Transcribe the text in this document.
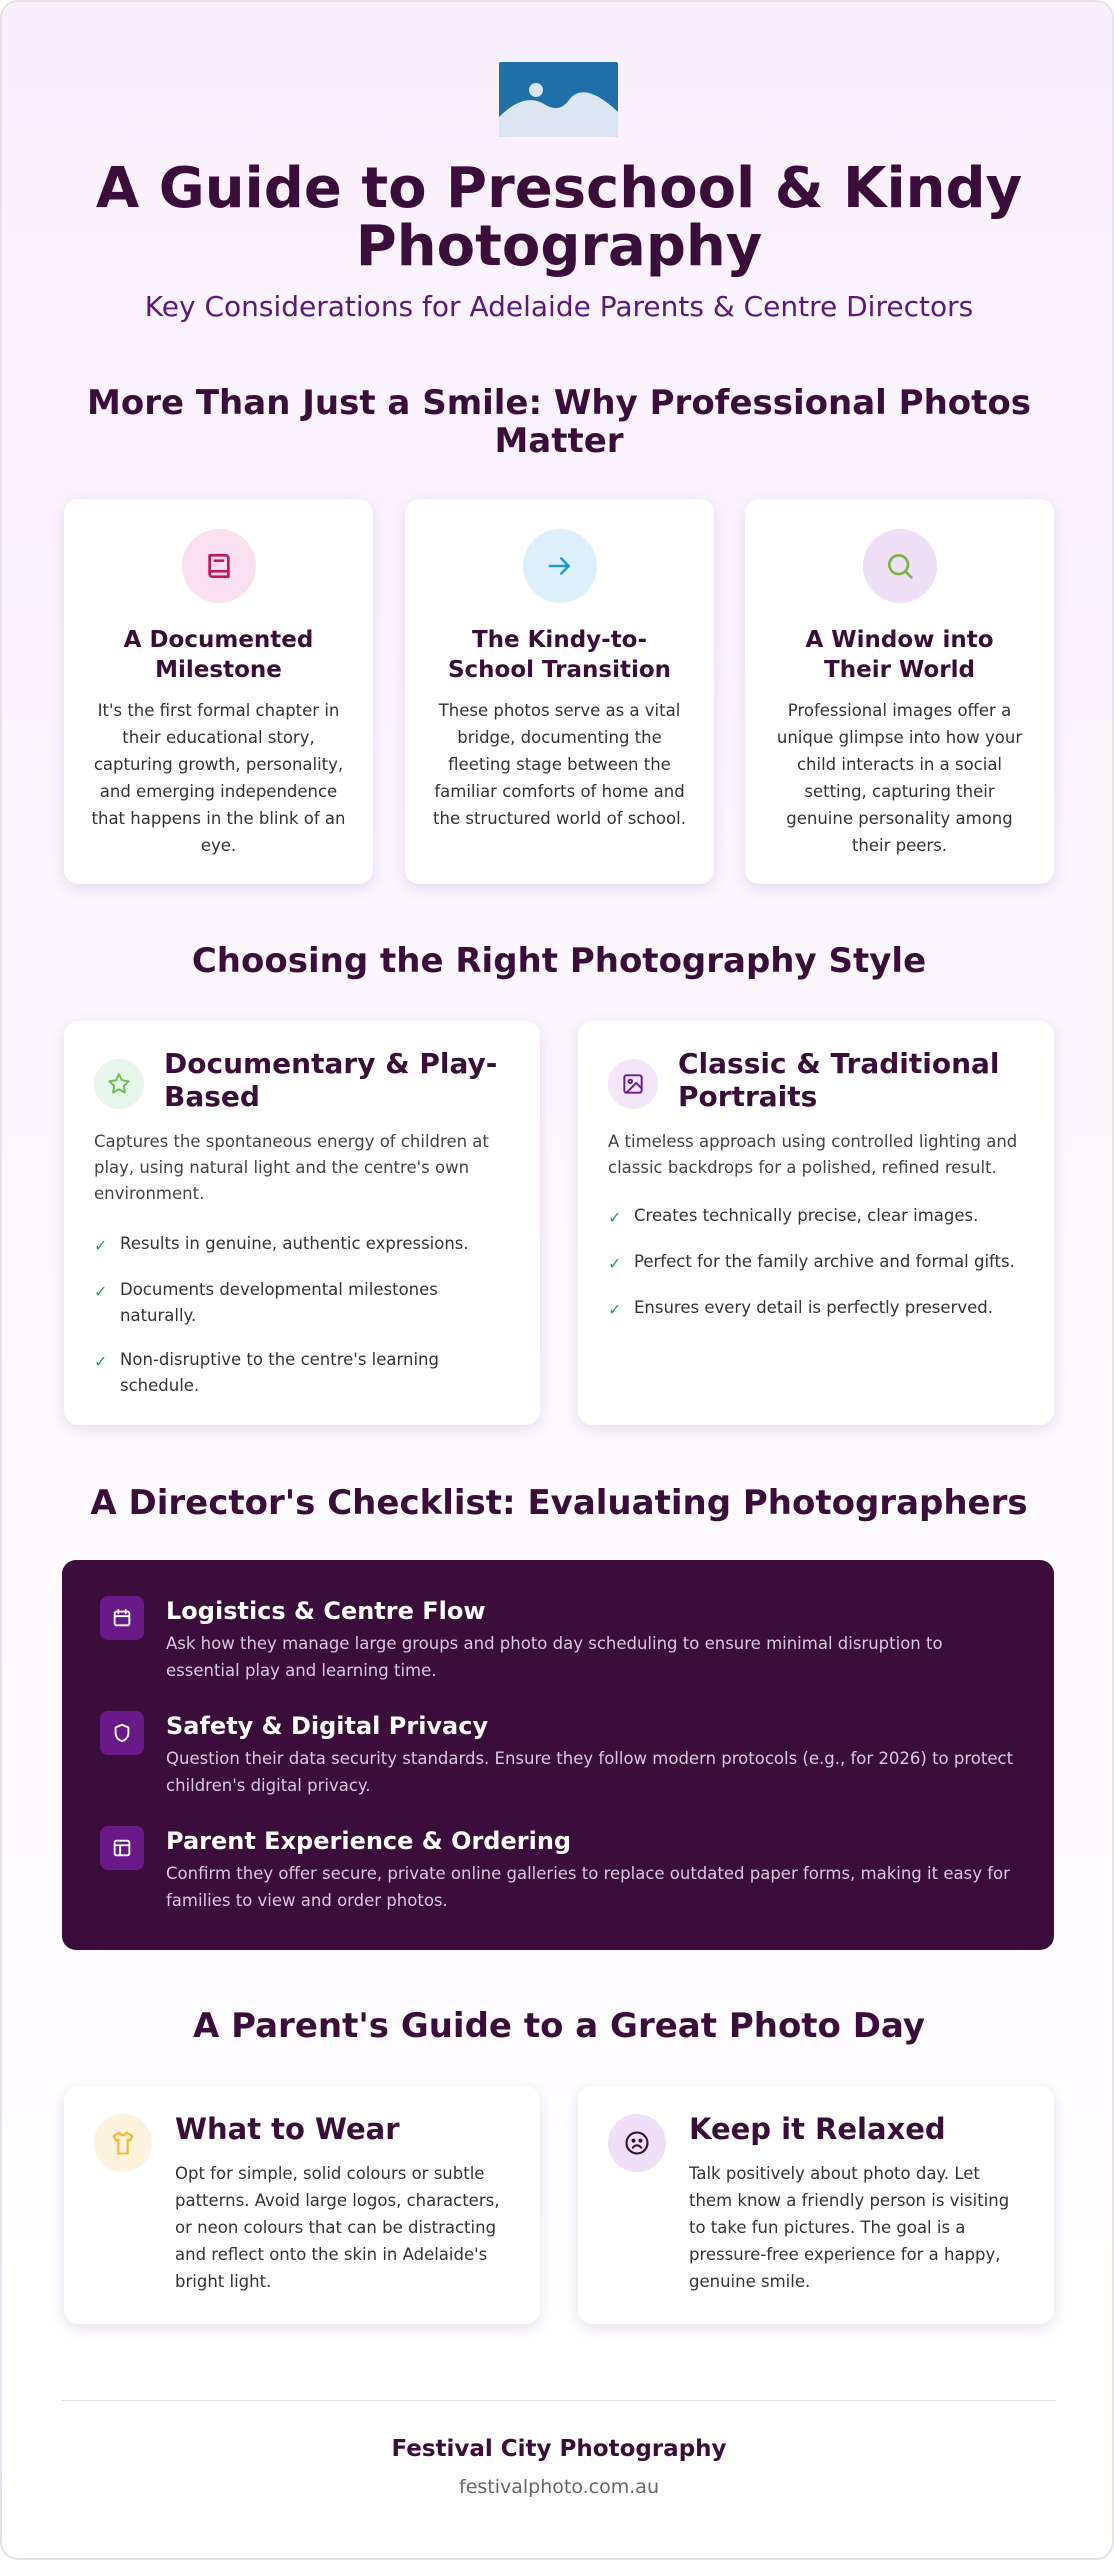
A Guide to Preschool & Kindy Photography
Key Considerations for Adelaide Parents & Centre Directors
More Than Just a Smile: Why Professional Photos Matter
A Documented Milestone
It's the first formal chapter in their educational story, capturing growth, personality, and emerging independence that happens in the blink of an eye.
The Kindy-to-School Transition
These photos serve as a vital bridge, documenting the fleeting stage between the familiar comforts of home and the structured world of school.
A Window into Their World
Professional images offer a unique glimpse into how your child interacts in a social setting, capturing their genuine personality among their peers.
Choosing the Right Photography Style
Documentary & Play-Based
Captures the spontaneous energy of children at play, using natural light and the centre's own environment.
✓ Results in genuine, authentic expressions.
✓ Documents developmental milestones naturally.
✓ Non-disruptive to the centre's learning schedule.
Classic & Traditional Portraits
A timeless approach using controlled lighting and classic backdrops for a polished, refined result.
✓ Creates technically precise, clear images.
✓ Perfect for the family archive and formal gifts.
✓ Ensures every detail is perfectly preserved.
A Director's Checklist: Evaluating Photographers
Logistics & Centre Flow
Ask how they manage large groups and photo day scheduling to ensure minimal disruption to essential play and learning time.
Safety & Digital Privacy
Question their data security standards. Ensure they follow modern protocols (e.g., for 2026) to protect children's digital privacy.
Parent Experience & Ordering
Confirm they offer secure, private online galleries to replace outdated paper forms, making it easy for families to view and order photos.
A Parent's Guide to a Great Photo Day
What to Wear
Opt for simple, solid colours or subtle patterns. Avoid large logos, characters, or neon colours that can be distracting and reflect onto the skin in Adelaide's bright light.
Keep it Relaxed
Talk positively about photo day. Let them know a friendly person is visiting to take fun pictures. The goal is a pressure-free experience for a happy, genuine smile.
Festival City Photography
festivalphoto.com.au
